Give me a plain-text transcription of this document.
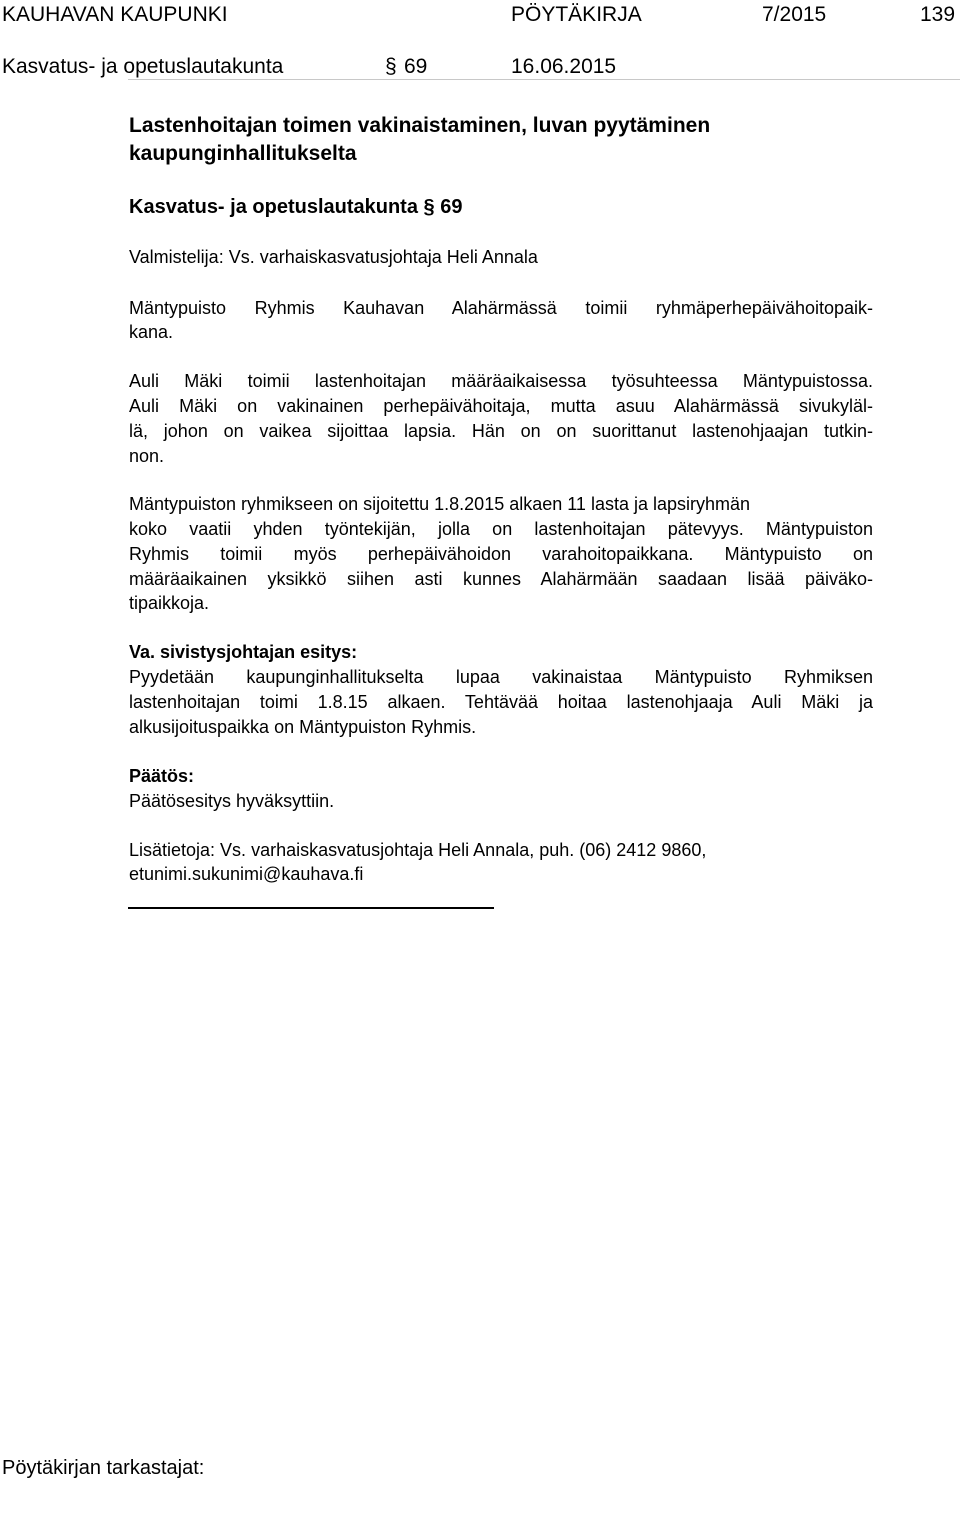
KAUHAVAN KAUPUNKI	PÖYTÄKIRJA	7/2015	139
Kasvatus- ja opetuslautakunta	§ 69	16.06.2015
Lastenhoitajan toimen vakinaistaminen, luvan pyytäminen
kaupunginhallitukselta
Kasvatus- ja opetuslautakunta § 69
Valmistelija: Vs. varhaiskasvatusjohtaja Heli Annala
Mäntypuisto Ryhmis Kauhavan Alahärmässä toimii ryhmäperhepäivähoitopaik-
kana.
Auli Mäki toimii lastenhoitajan määräaikaisessa työsuhteessa Mäntypuistossa.
Auli Mäki on vakinainen perhepäivähoitaja, mutta asuu Alahärmässä sivukyläl-
lä, johon on vaikea sijoittaa lapsia. Hän on on suorittanut lastenohjaajan tutkin-
non.
Mäntypuiston ryhmikseen on sijoitettu 1.8.2015 alkaen 11 lasta ja lapsiryhmän
koko vaatii yhden työntekijän, jolla on lastenhoitajan pätevyys. Mäntypuiston
Ryhmis toimii myös perhepäivähoidon varahoitopaikkana. Mäntypuisto on
määräaikainen yksikkö siihen asti kunnes Alahärmään saadaan lisää päiväko-
tipaikkoja.
Va. sivistysjohtajan esitys:
Pyydetään kaupunginhallitukselta lupaa vakinaistaa Mäntypuisto Ryhmiksen
lastenhoitajan toimi 1.8.15 alkaen. Tehtävää hoitaa lastenohjaaja Auli Mäki ja
alkusijoituspaikka on Mäntypuiston Ryhmis.
Päätös:
Päätösesitys hyväksyttiin.
Lisätietoja: Vs. varhaiskasvatusjohtaja Heli Annala, puh. (06) 2412 9860,
etunimi.sukunimi@kauhava.fi
Pöytäkirjan tarkastajat:
